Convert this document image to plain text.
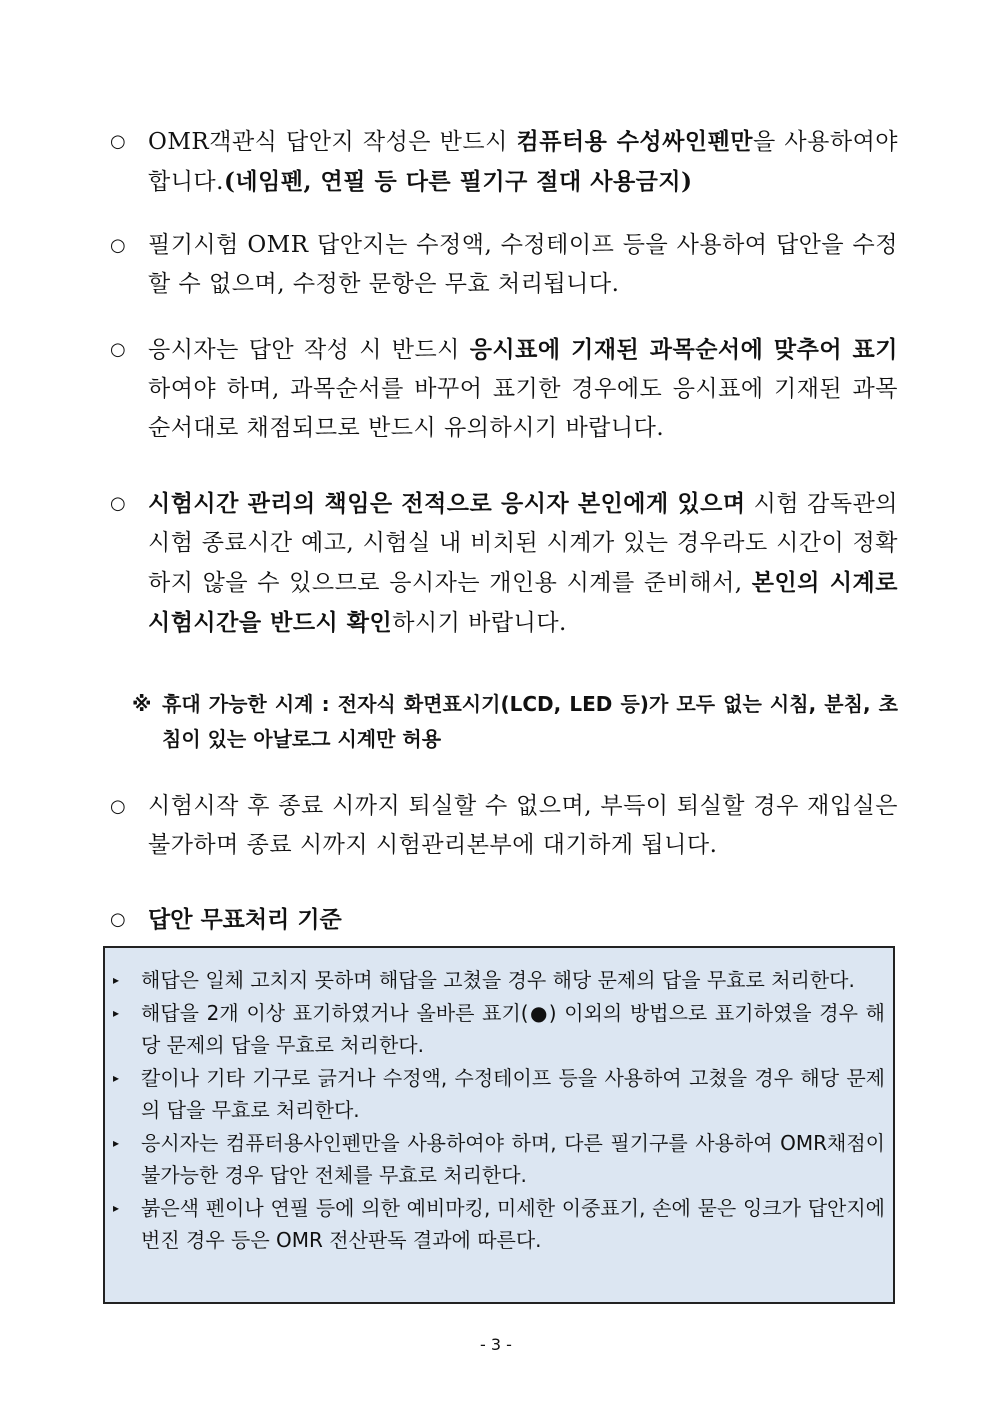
○ OMR객관식 답안지 작성은 반드시 컴퓨터용 수성싸인펜만을 사용하여야 합니다.(네임펜, 연필 등 다른 필기구 절대 사용금지)
○ 필기시험 OMR 답안지는 수정액, 수정테이프 등을 사용하여 답안을 수정할 수 없으며, 수정한 문항은 무효 처리됩니다.
○ 응시자는 답안 작성 시 반드시 응시표에 기재된 과목순서에 맞추어 표기하여야 하며, 과목순서를 바꾸어 표기한 경우에도 응시표에 기재된 과목순서대로 채점되므로 반드시 유의하시기 바랍니다.
○ 시험시간 관리의 책임은 전적으로 응시자 본인에게 있으며 시험 감독관의 시험 종료시간 예고, 시험실 내 비치된 시계가 있는 경우라도 시간이 정확하지 않을 수 있으므로 응시자는 개인용 시계를 준비해서, 본인의 시계로 시험시간을 반드시 확인하시기 바랍니다.
※ 휴대 가능한 시계 : 전자식 화면표시기(LCD, LED 등)가 모두 없는 시침, 분침, 초침이 있는 아날로그 시계만 허용
○ 시험시작 후 종료 시까지 퇴실할 수 없으며, 부득이 퇴실할 경우 재입실은 불가하며 종료 시까지 시험관리본부에 대기하게 됩니다.
○ 답안 무표처리 기준
▸ 해답은 일체 고치지 못하며 해답을 고쳤을 경우 해당 문제의 답을 무효로 처리한다.
▸ 해답을 2개 이상 표기하였거나 올바른 표기(●) 이외의 방법으로 표기하였을 경우 해당 문제의 답을 무효로 처리한다.
▸ 칼이나 기타 기구로 긁거나 수정액, 수정테이프 등을 사용하여 고쳤을 경우 해당 문제의 답을 무효로 처리한다.
▸ 응시자는 컴퓨터용사인펜만을 사용하여야 하며, 다른 필기구를 사용하여 OMR채점이 불가능한 경우 답안 전체를 무효로 처리한다.
▸ 붉은색 펜이나 연필 등에 의한 예비마킹, 미세한 이중표기, 손에 묻은 잉크가 답안지에 번진 경우 등은 OMR 전산판독 결과에 따른다.
- 3 -
